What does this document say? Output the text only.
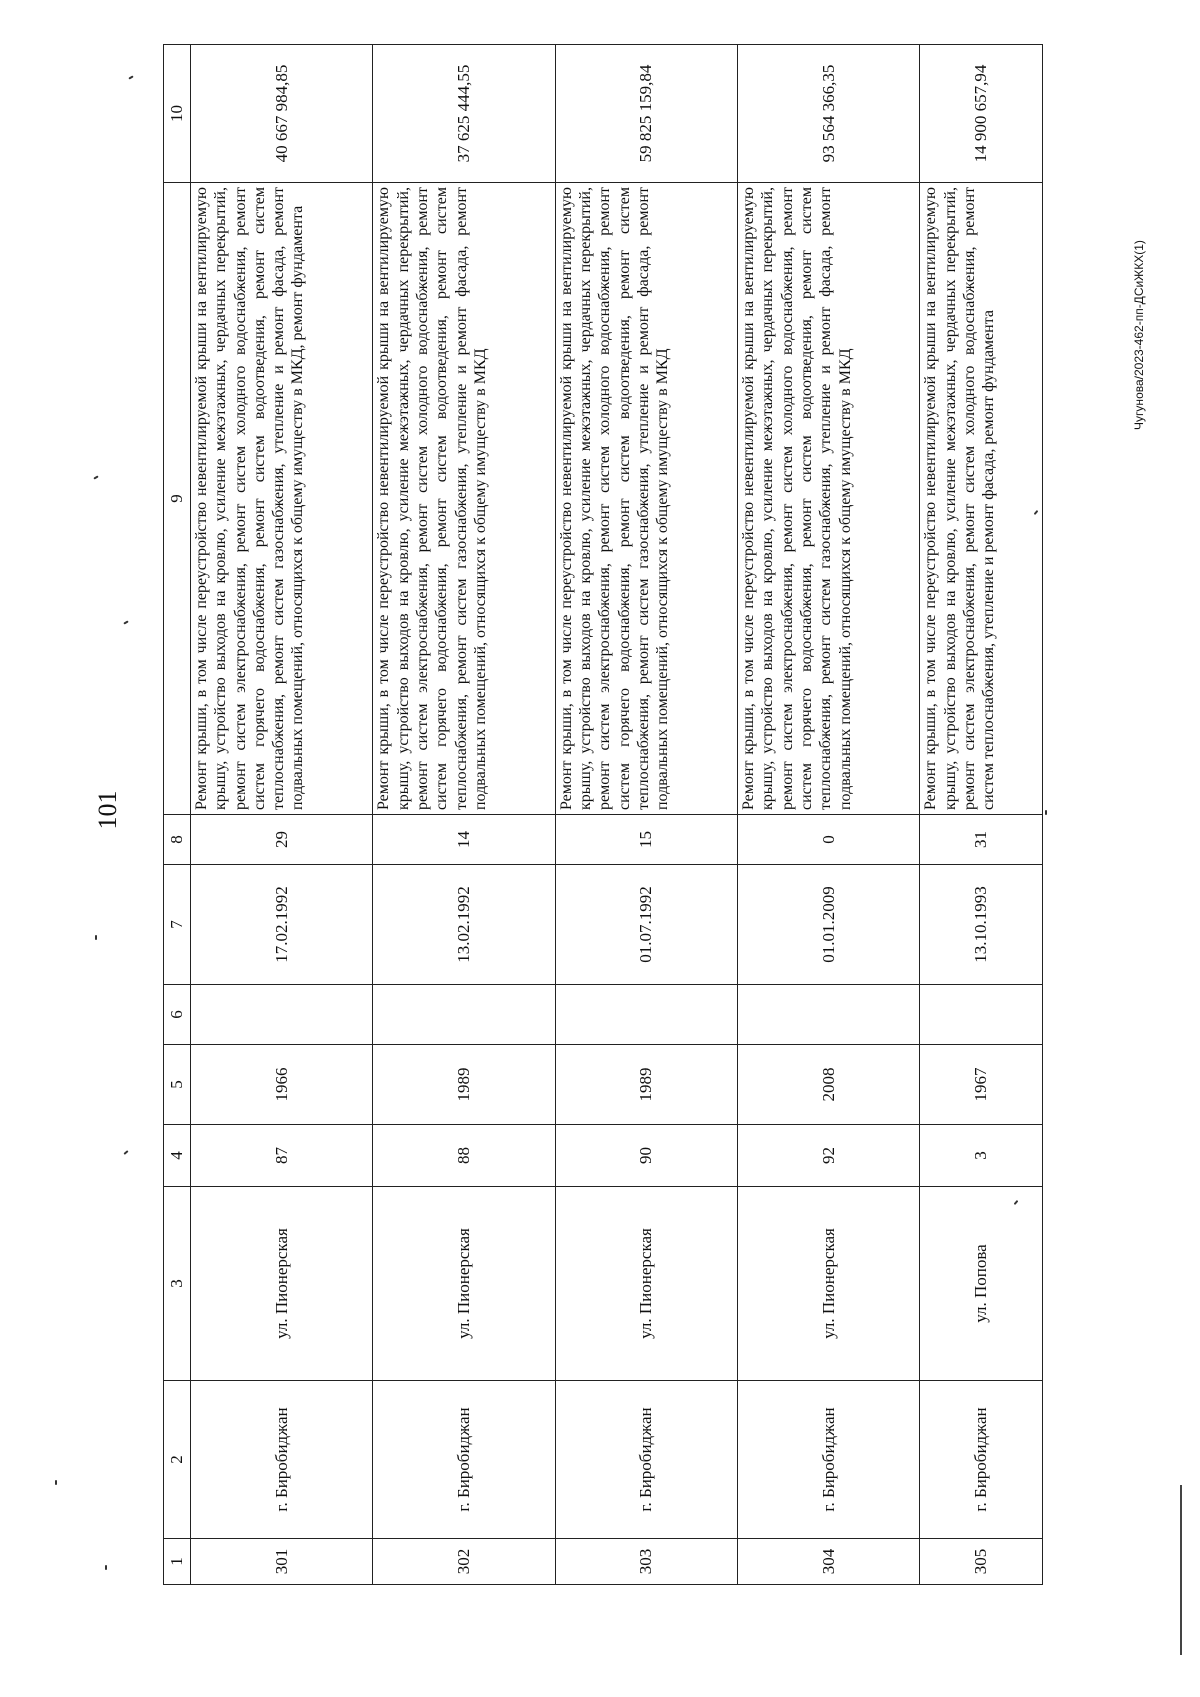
101
1	2	3	4	5	6	7	8	9	10
301	г. Биробиджан	ул. Пионерская	87	1966		17.02.1992	29	Ремонт крыши, в том числе переустройство невентилируемой крыши на вентилируемую крышу, устройство выходов на кровлю, усиление межэтажных, чердачных перекрытий, ремонт систем электроснабжения, ремонт систем холодного водоснабжения, ремонт систем горячего водоснабжения, ремонт систем водоотведения, ремонт систем теплоснабжения, ремонт систем газоснабжения, утепление и ремонт фасада, ремонт подвальных помещений, относящихся к общему имуществу в МКД, ремонт фундамента	40 667 984,85
302	г. Биробиджан	ул. Пионерская	88	1989		13.02.1992	14	Ремонт крыши, в том числе переустройство невентилируемой крыши на вентилируемую крышу, устройство выходов на кровлю, усиление межэтажных, чердачных перекрытий, ремонт систем электроснабжения, ремонт систем холодного водоснабжения, ремонт систем горячего водоснабжения, ремонт систем водоотведения, ремонт систем теплоснабжения, ремонт систем газоснабжения, утепление и ремонт фасада, ремонт подвальных помещений, относящихся к общему имуществу в МКД	37 625 444,55
303	г. Биробиджан	ул. Пионерская	90	1989		01.07.1992	15	Ремонт крыши, в том числе переустройство невентилируемой крыши на вентилируемую крышу, устройство выходов на кровлю, усиление межэтажных, чердачных перекрытий, ремонт систем электроснабжения, ремонт систем холодного водоснабжения, ремонт систем горячего водоснабжения, ремонт систем водоотведения, ремонт систем теплоснабжения, ремонт систем газоснабжения, утепление и ремонт фасада, ремонт подвальных помещений, относящихся к общему имуществу в МКД	59 825 159,84
304	г. Биробиджан	ул. Пионерская	92	2008		01.01.2009	0	Ремонт крыши, в том числе переустройство невентилируемой крыши на вентилируемую крышу, устройство выходов на кровлю, усиление межэтажных, чердачных перекрытий, ремонт систем электроснабжения, ремонт систем холодного водоснабжения, ремонт систем горячего водоснабжения, ремонт систем водоотведения, ремонт систем теплоснабжения, ремонт систем газоснабжения, утепление и ремонт фасада, ремонт подвальных помещений, относящихся к общему имуществу в МКД	93 564 366,35
305	г. Биробиджан	ул. Попова	3	1967		13.10.1993	31	Ремонт крыши, в том числе переустройство невентилируемой крыши на вентилируемую крышу, устройство выходов на кровлю, усиление межэтажных, чердачных перекрытий, ремонт систем электроснабжения, ремонт систем холодного водоснабжения, ремонт систем теплоснабжения, утепление и ремонт фасада, ремонт фундамента	14 900 657,94
Чугунова/2023-462-пп-ДСиЖКХ(1)
